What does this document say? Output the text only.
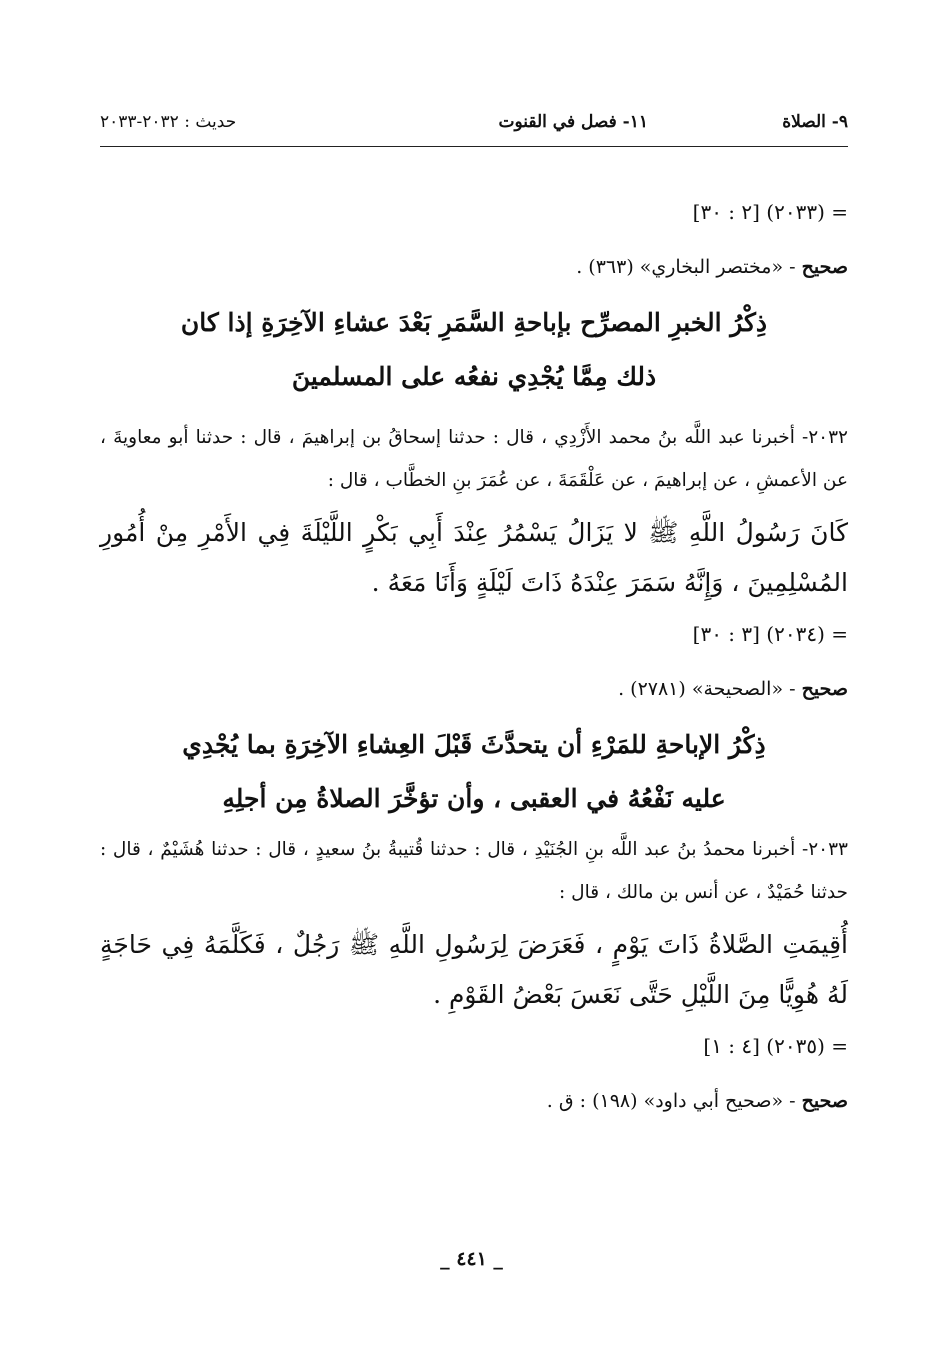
٩- الصلاة
١١- فصل في القنوت
حديث : ٢٠٣٢-٢٠٣٣
= (٢٠٣٣) [٢ : ٣٠]
صحيح - «مختصر البخاري» (٣٦٣) .
ذِكْرُ الخبرِ المصرِّح بإباحةِ السَّمَرِ بَعْدَ عشاءِ الآخِرَةِ إذا كان
ذلك مِمَّا يُجْدِي نفعُه على المسلمينَ
٢٠٣٢- أخبرنا عبد اللَّه بنُ محمد الأَزْدِي ، قال : حدثنا إسحاقُ بن إبراهيمَ ، قال : حدثنا أبو معاويةَ ، عن الأعمشِ ، عن إبراهيمَ ، عن عَلْقَمَةَ ، عن عُمَرَ بنِ الخطَّاب ، قال :
كَانَ رَسُولُ اللَّهِ ﷺ لا يَزَالُ يَسْمُرُ عِنْدَ أَبِي بَكْرٍ اللَّيْلَةَ فِي الأَمْرِ مِنْ أُمُورِ المُسْلِمِينَ ، وَإِنَّهُ سَمَرَ عِنْدَهُ ذَاتَ لَيْلَةٍ وَأَنَا مَعَهُ .
= (٢٠٣٤) [٣ : ٣٠]
صحيح - «الصحيحة» (٢٧٨١) .
ذِكْرُ الإباحةِ للمَرْءِ أن يتحدَّثَ قَبْلَ العِشاءِ الآخِرَةِ بما يُجْدِي
عليه نَفْعُهُ في العقبى ، وأن تؤخَّرَ الصلاةُ مِن أجلِهِ
٢٠٣٣- أخبرنا محمدُ بنُ عبد اللَّه بنِ الجُنَيْدِ ، قال : حدثنا قُتيبةُ بنُ سعيدٍ ، قال : حدثنا هُشَيْمٌ ، قال : حدثنا حُمَيْدٌ ، عن أنس بن مالك ، قال :
أُقِيمَتِ الصَّلاةُ ذَاتَ يَوْمٍ ، فَعَرَضَ لِرَسُولِ اللَّهِ ﷺ رَجُلٌ ، فَكَلَّمَهُ فِي حَاجَةٍ لَهُ هُوِيًّا مِنَ اللَّيْلِ حَتَّى نَعَسَ بَعْضُ القَوْمِ .
= (٢٠٣٥) [٤ : ١]
صحيح - «صحيح أبي داود» (١٩٨) : ق .
_ ٤٤١ _
